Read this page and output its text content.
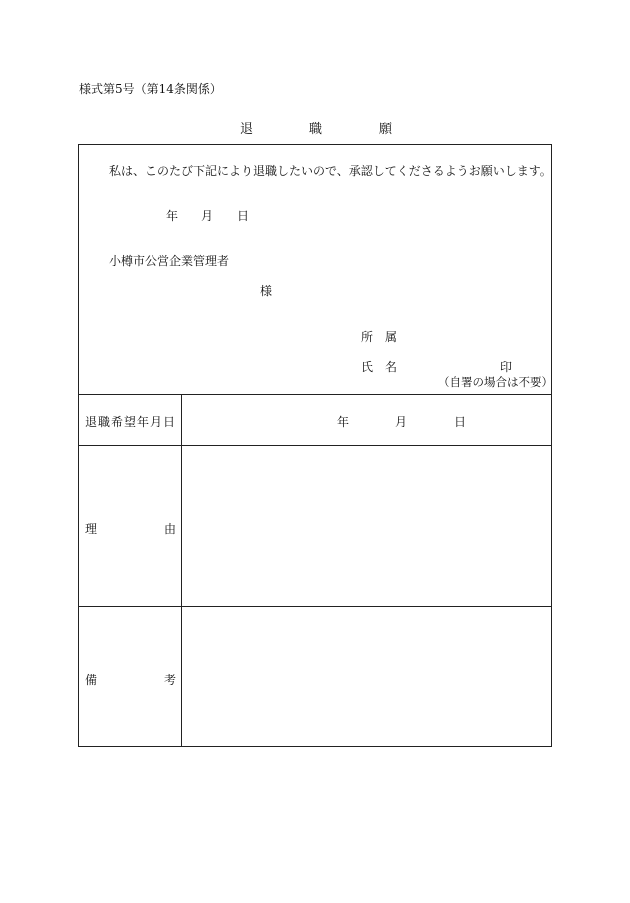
様式第5号（第14条関係）
退	職	願
私は、このたび下記により退職したいので、承認してくださるようお願いします。
年 月 日
小樽市公営企業管理者
様
所　属
氏　名	印
（自署の場合は不要）
退職希望年月日	年	月	日
理	由
備	考
